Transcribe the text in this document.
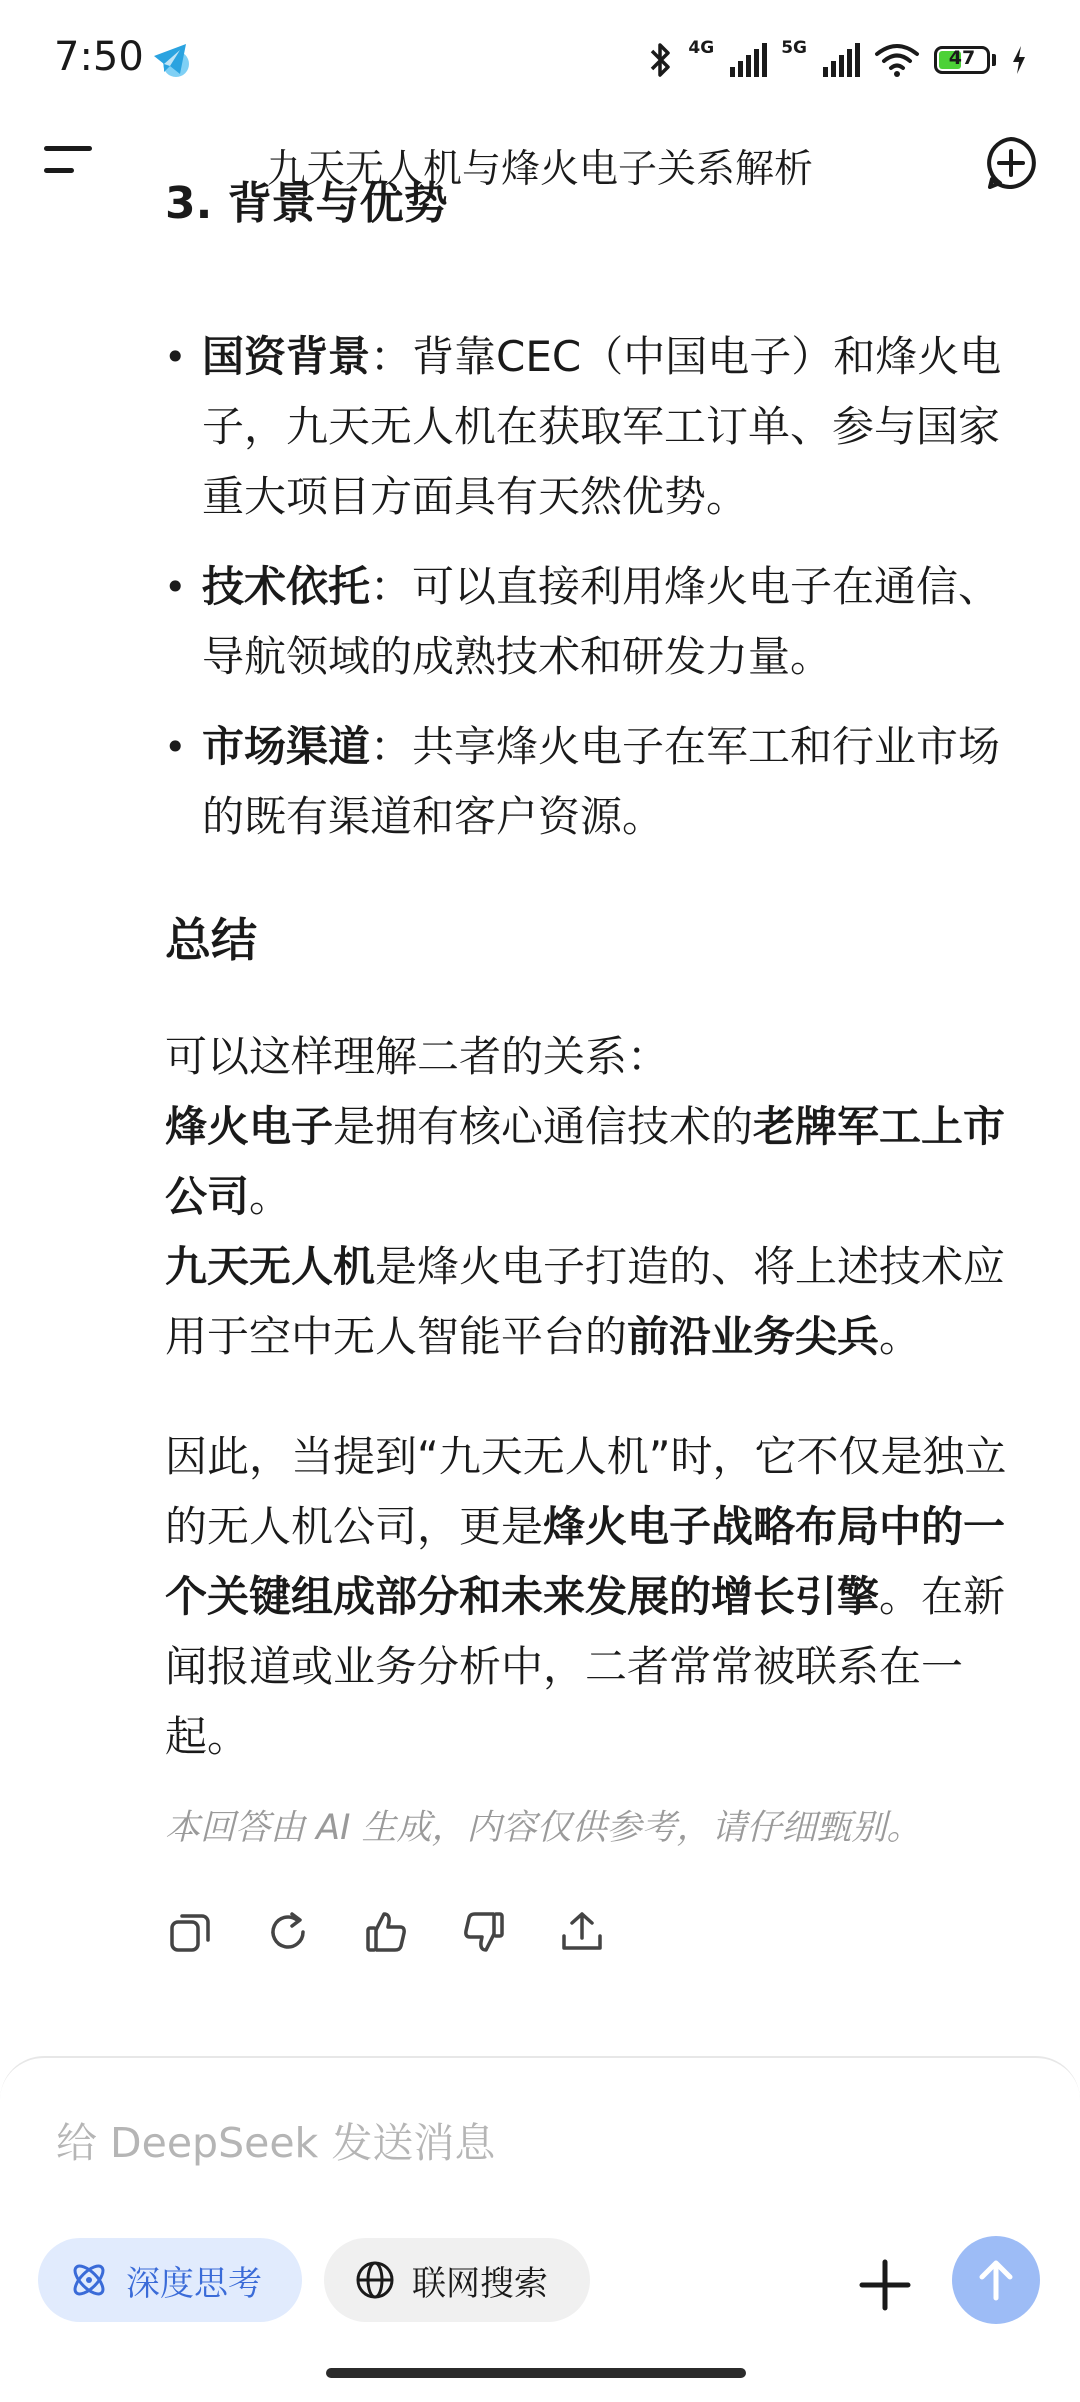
7:50	4G	5G	47
九天无人机与烽火电子关系解析
3. 背景与优势
• 国资背景：背靠CEC（中国电子）和烽火电子，九天无人机在获取军工订单、参与国家重大项目方面具有天然优势。
• 技术依托：可以直接利用烽火电子在通信、导航领域的成熟技术和研发力量。
• 市场渠道：共享烽火电子在军工和行业市场的既有渠道和客户资源。
总结
可以这样理解二者的关系：
烽火电子是拥有核心通信技术的老牌军工上市公司。
九天无人机是烽火电子打造的、将上述技术应用于空中无人智能平台的前沿业务尖兵。
因此，当提到“九天无人机”时，它不仅是独立的无人机公司，更是烽火电子战略布局中的一个关键组成部分和未来发展的增长引擎。在新闻报道或业务分析中，二者常常被联系在一起。
本回答由 AI 生成，内容仅供参考，请仔细甄别。
给 DeepSeek 发送消息
深度思考	联网搜索
